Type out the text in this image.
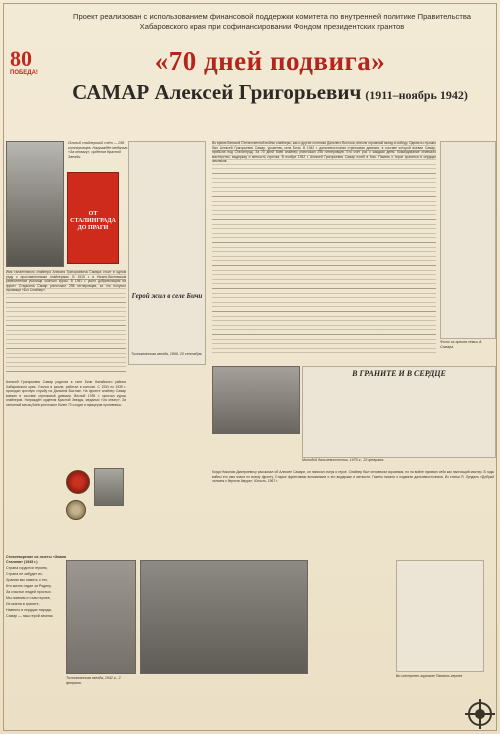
Проект реализован с использованием финансовой поддержки комитета по внутренней политике Правительства Хабаровского края при софинансировании Фондом президентских грантов
80
ПОБЕДА!	«70 дней подвига»
САМАР Алексей Григорьевич (1911–ноябрь 1942)
Личный снайперский счёт — 298 гитлеровцев. Награждён медалью «За отвагу», орденом Красной Звезды.
ОТ СТАЛИНГРАДА ДО ПРАГИ
Имя талантливого снайпера Алексея Григорьевича Самара стоит в одном ряду с прославленными снайперами. В 1915 г. в Нижне-Вогеевском ремесленном училище окончил курсы. В 1941 г. ушёл добровольцем на фронт. Старшина Самар уничтожил 298 гитлеровцев, за что получил прозвище «Бог Снайпер».
Герой жил в селе Бичи
Тихоокеанская звезда, 1966, 20 сентября.
Алексей Григорьевич Самар родился в селе Бичи Нанайского района Хабаровского края. Учился в школе, работал в колхозе. С 1934 по 1939 г. проходил срочную службу на Дальнем Востоке. На фронте снайпер Самар воевал в составе стрелковой дивизии. Весной 1939 г. окончил курсы снайперов. Награждён орденом Красной Звезды, медалью «За отвагу». За неполный месяц боёв уничтожил более 70 солдат и офицеров противника.

Стихотворение из газеты «Знамя Сталина» (1945 г.)

Страна гордится героем,

Страна не забудет их,

Храним мы память о тех,

Кто жизнь отдал за Родину,

За счастье людей простых.

Мы помним и чтим героев,

Их имена в граните,

Навечно в сердцах народа,

Самар — наш герой земляк.

Тихоокеанская звезда, 1942 г., 2 февраля.
Во время Великой Отечественной войны снайперы, как и другие охотники Дальнего Востока, внесли огромный вклад в победу. Одним из лучших был Алексей Григорьевич Самар, уроженец села Бичи. В 1942 г. дальневосточная стрелковая дивизия, в составе которой воевал Самар, прибыла под Сталинград. За 70 дней боёв снайпер уничтожил 298 гитлеровцев. Его счёт рос с каждым днём. Командование отмечало мастерство, выдержку и меткость стрелка. В ноябре 1942 г. Алексей Григорьевич Самар погиб в бою. Память о герое хранится в сердцах земляков.
Фото из архива семьи А. Самара.
В ГРАНИТЕ И В СЕРДЦЕ
Молодой дальневосточник, 1975 г., 23 февраля.
Когда Николаю Дмитриевичу рассказал об Алексее Самаре, он написал очерк о герое. Снайпер был человеком скромным, но на войне проявил себя как настоящий мастер. В годы войны его имя знали по всему фронту. Старые фронтовики вспоминали о его выдержке и меткости. Газеты писали о подвигах дальневосточника. Из статьи Я. Лундаль «Добрый человек с берегов Амура», Юность, 1967 г.
Во интернет-журнале Память героев
